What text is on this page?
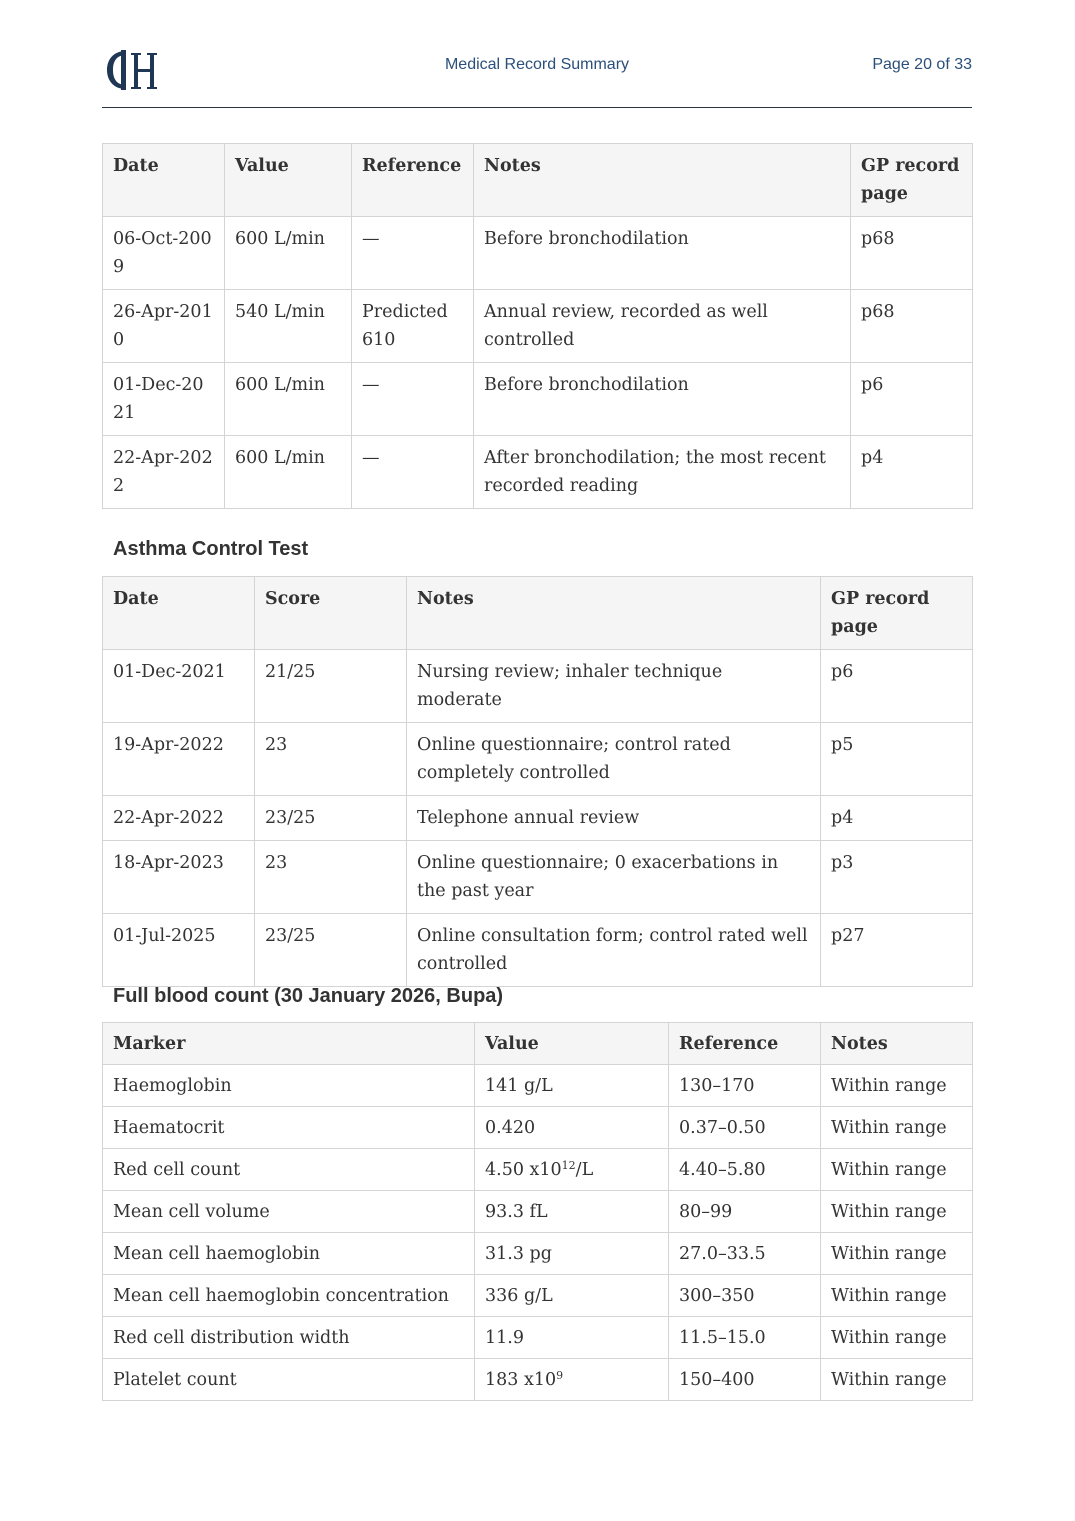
Medical Record Summary	Page 20 of 33
Date	Value	Reference	Notes	GP record page
06-Oct-2009	600 L/min	—	Before bronchodilation	p68
26-Apr-2010	540 L/min	Predicted 610	Annual review, recorded as well controlled	p68
01-Dec-2021	600 L/min	—	Before bronchodilation	p6
22-Apr-2022	600 L/min	—	After bronchodilation; the most recent recorded reading	p4
Asthma Control Test
Date	Score	Notes	GP record page
01-Dec-2021	21/25	Nursing review; inhaler technique moderate	p6
19-Apr-2022	23	Online questionnaire; control rated completely controlled	p5
22-Apr-2022	23/25	Telephone annual review	p4
18-Apr-2023	23	Online questionnaire; 0 exacerbations in the past year	p3
01-Jul-2025	23/25	Online consultation form; control rated well controlled	p27
Full blood count (30 January 2026, Bupa)
Marker	Value	Reference	Notes
Haemoglobin	141 g/L	130–170	Within range
Haematocrit	0.420	0.37–0.50	Within range
Red cell count	4.50 $x10^{12}/L$	4.40–5.80	Within range
Mean cell volume	93.3 fL	80–99	Within range
Mean cell haemoglobin	31.3 pg	27.0–33.5	Within range
Mean cell haemoglobin concentration	336 g/L	300–350	Within range
Red cell distribution width	11.9	11.5–15.0	Within range
Platelet count	183 $x10^9$	150–400	Within range
